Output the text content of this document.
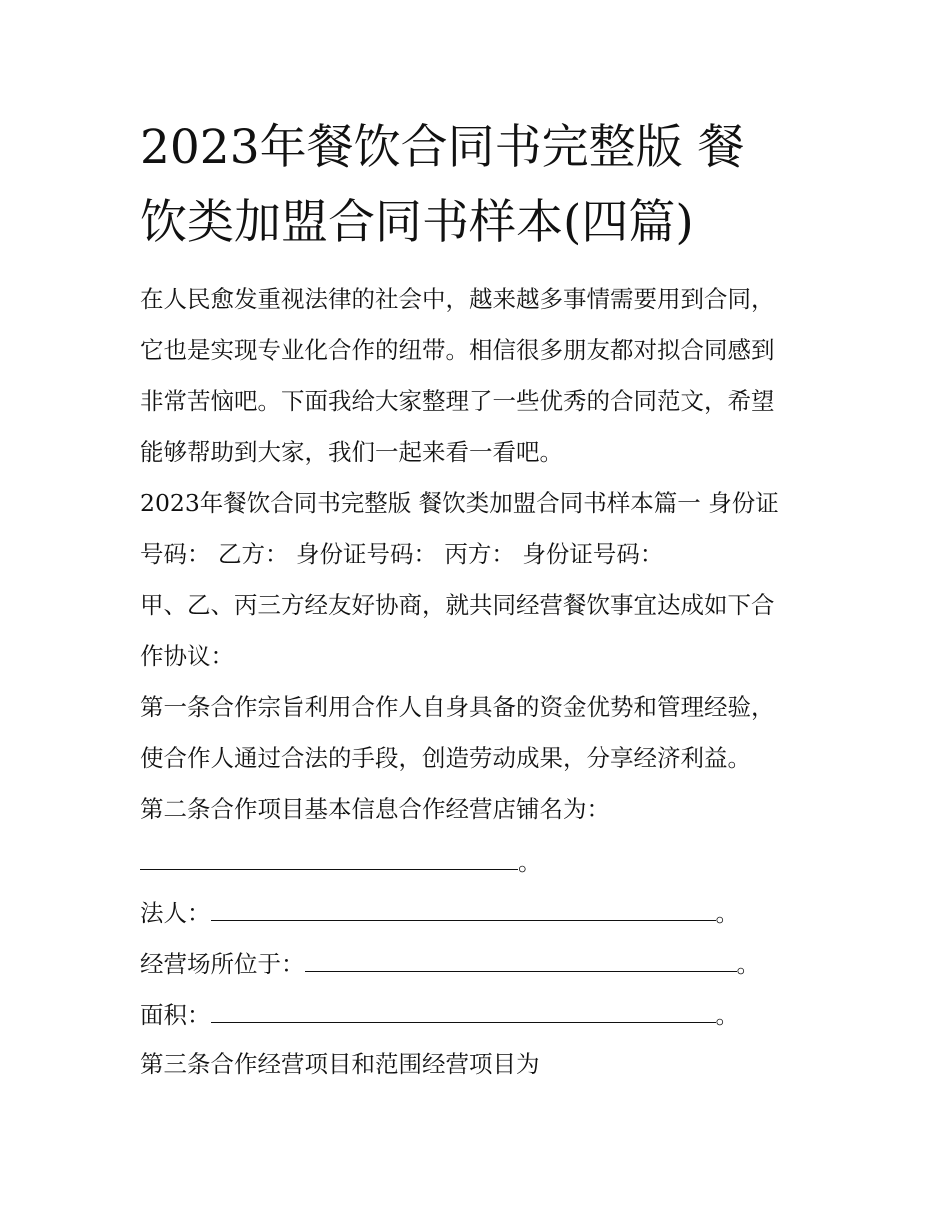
2023年餐饮合同书完整版 餐
饮类加盟合同书样本(四篇)

在人民愈发重视法律的社会中，越来越多事情需要用到合同，

它也是实现专业化合作的纽带。相信很多朋友都对拟合同感到

非常苦恼吧。下面我给大家整理了一些优秀的合同范文，希望

能够帮助到大家，我们一起来看一看吧。

2023年餐饮合同书完整版 餐饮类加盟合同书样本篇一 身份证

号码： 乙方： 身份证号码： 丙方： 身份证号码：

甲、乙、丙三方经友好协商，就共同经营餐饮事宜达成如下合

作协议：

第一条合作宗旨利用合作人自身具备的资金优势和管理经验，

使合作人通过合法的手段，创造劳动成果，分享经济利益。

第二条合作项目基本信息合作经营店铺名为：

。

法人：	。

经营场所位于：	。

面积：	。

第三条合作经营项目和范围经营项目为
